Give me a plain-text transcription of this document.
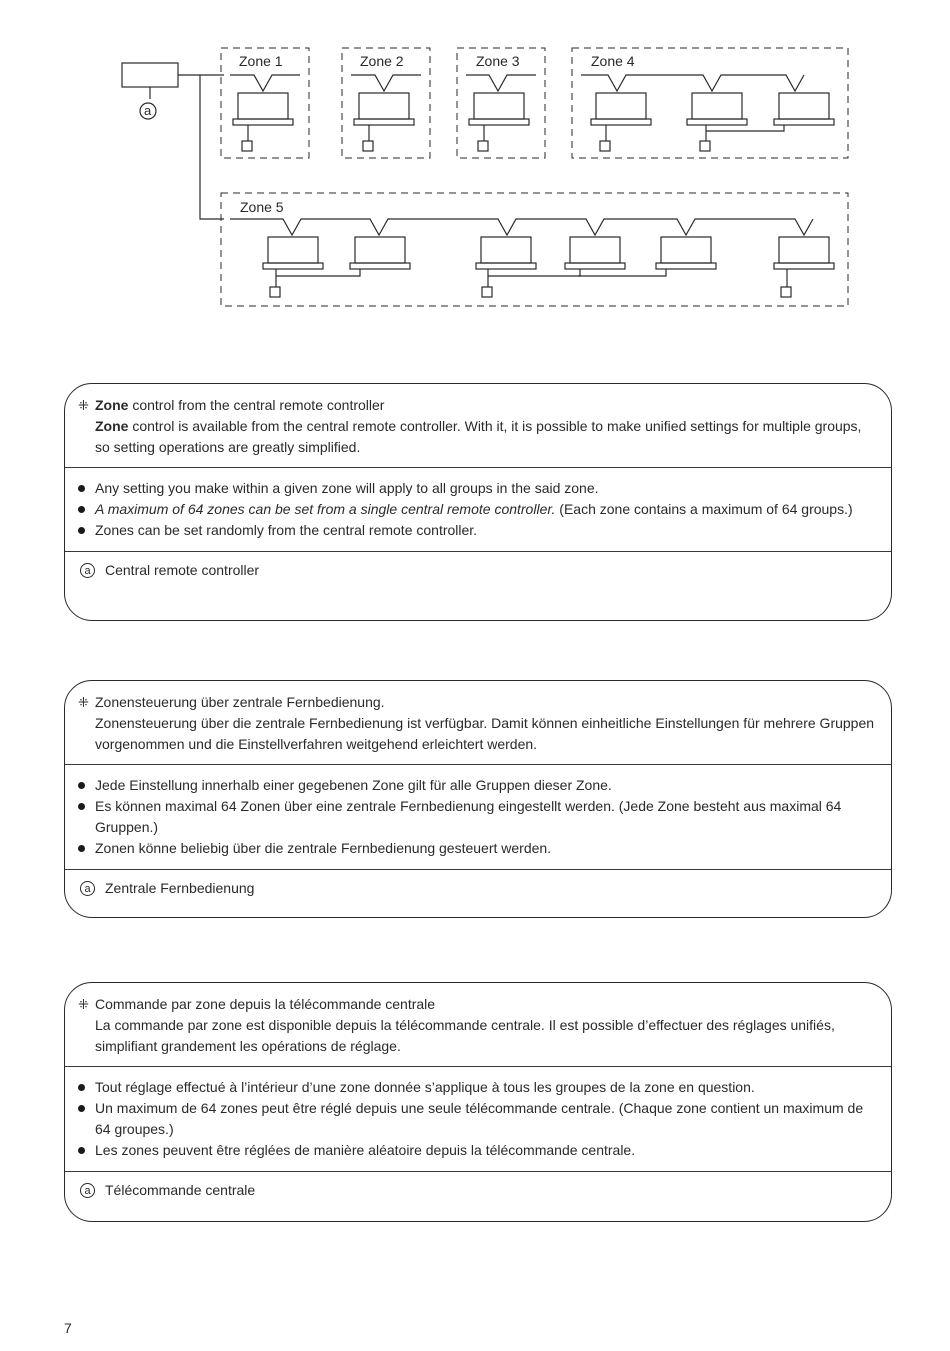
Zone 1	Zone 2	Zone 3	Zone 4
Zone 5
a
⁜ Zone control from the central remote controller

Zone control is available from the central remote controller. With it, it is possible to make unified settings for multiple groups, so setting operations are greatly simplified.

Any setting you make within a given zone will apply to all groups in the said zone.
A maximum of 64 zones can be set from a single central remote controller. (Each zone contains a maximum of 64 groups.)
Zones can be set randomly from the central remote controller.
a	Central remote controller
⁜ Zonensteuerung über zentrale Fernbedienung.

Zonensteuerung über die zentrale Fernbedienung ist verfügbar. Damit können einheitliche Einstellungen für mehrere Gruppen vorgenommen und die Einstellverfahren weitgehend erleichtert werden.

Jede Einstellung innerhalb einer gegebenen Zone gilt für alle Gruppen dieser Zone.
Es können maximal 64 Zonen über eine zentrale Fernbedienung eingestellt werden. (Jede Zone besteht aus maximal 64 Gruppen.)
Zonen könne beliebig über die zentrale Fernbedienung gesteuert werden.
a	Zentrale Fernbedienung
⁜ Commande par zone depuis la télécommande centrale

La commande par zone est disponible depuis la télécommande centrale. Il est possible d’effectuer des réglages unifiés, simplifiant grandement les opérations de réglage.

Tout réglage effectué à l’intérieur d’une zone donnée s’applique à tous les groupes de la zone en question.
Un maximum de 64 zones peut être réglé depuis une seule télécommande centrale. (Chaque zone contient un maximum de 64 groupes.)
Les zones peuvent être réglées de manière aléatoire depuis la télécommande centrale.
a	Télécommande centrale
7
